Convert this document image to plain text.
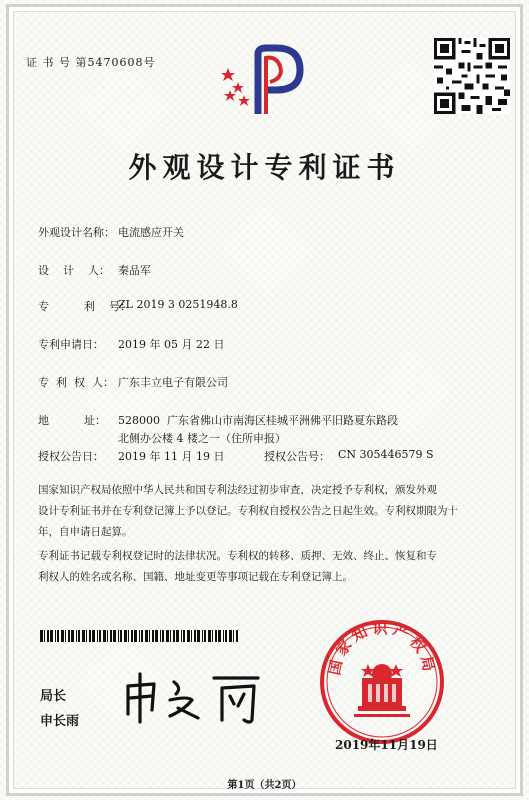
证 书 号 第5470608号
外观设计专利证书
外观设计名称： 电流感应开关
设    计    人： 秦品军
专          利    号：
ZL 2019 3 0251948.8
专利申请日： 2019 年 05 月 22 日
专  利  权  人： 广东丰立电子有限公司
地          址： 528000  广东省佛山市南海区桂城平洲佛平旧路夏东路段
北侧办公楼 4 楼之一（住所申报）
授权公告日： 2019 年 11 月 19 日	授权公告号： CN 305446579 S
国家知识产权局依照中华人民共和国专利法经过初步审查，决定授予专利权，颁发外观
设计专利证书并在专利登记簿上予以登记。专利权自授权公告之日起生效。专利权期限为十
年，自申请日起算。
专利证书记载专利权登记时的法律状况。专利权的转移、质押、无效、终止、恢复和专
利权人的姓名或名称、国籍、地址变更等事项记载在专利登记簿上。
局长
申长雨
国家知识产权局
2019年11月19日
第1页（共2页）
